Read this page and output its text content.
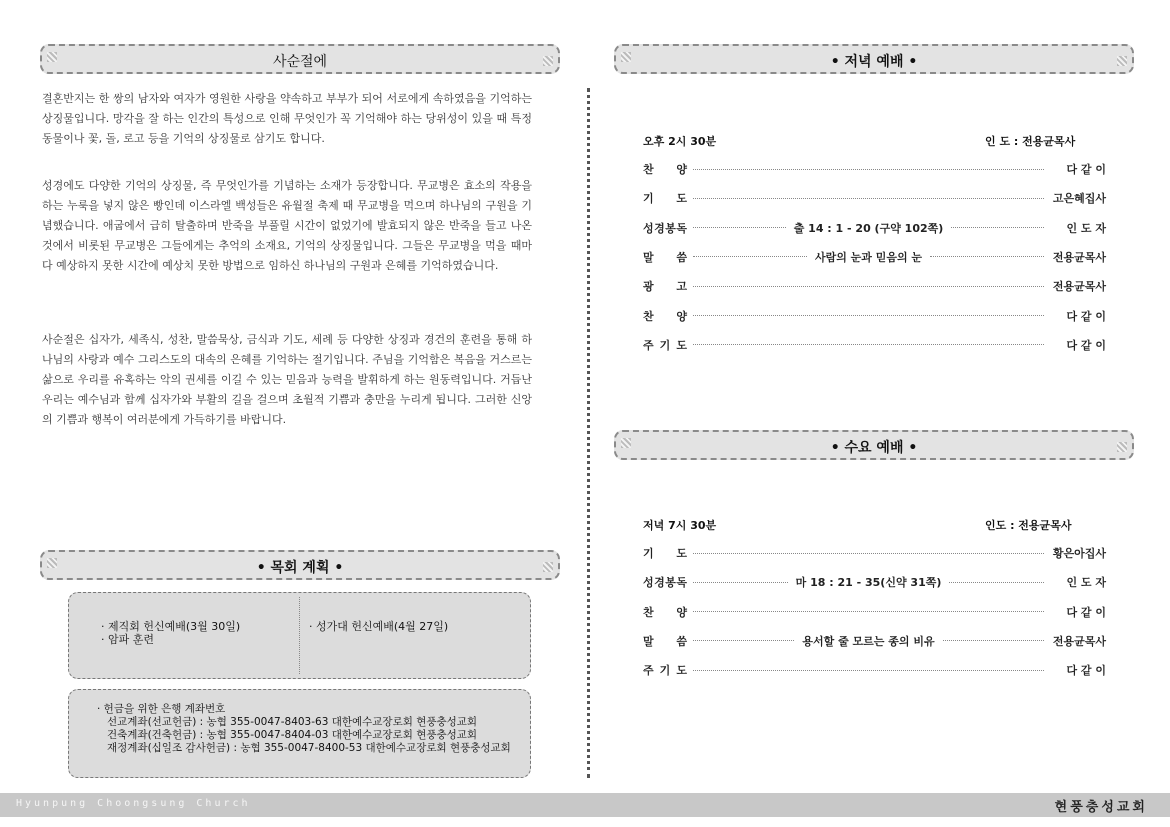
사순절에

결혼반지는 한 쌍의 남자와 여자가 영원한 사랑을 약속하고 부부가 되어 서로에게 속하였음을 기억하는 상징물입니다. 망각을 잘 하는 인간의 특성으로 인해 무엇인가 꼭 기억해야 하는 당위성이 있을 때 특정 동물이나 꽃, 돌, 로고 등을 기억의 상징물로 삼기도 합니다.

성경에도 다양한 기억의 상징물, 즉 무엇인가를 기념하는 소재가 등장합니다. 무교병은 효소의 작용을 하는 누룩을 넣지 않은 빵인데 이스라엘 백성들은 유월절 축제 때 무교병을 먹으며 하나님의 구원을 기념했습니다. 애굽에서 급히 탈출하며 반죽을 부풀릴 시간이 없었기에 발효되지 않은 반죽을 들고 나온 것에서 비롯된 무교병은 그들에게는 추억의 소재요, 기억의 상징물입니다. 그들은 무교병을 먹을 때마다 예상하지 못한 시간에 예상치 못한 방법으로 임하신 하나님의 구원과 은혜를 기억하였습니다.

사순절은 십자가, 세족식, 성찬, 말씀묵상, 금식과 기도, 세례 등 다양한 상징과 경건의 훈련을 통해 하나님의 사랑과 예수 그리스도의 대속의 은혜를 기억하는 절기입니다. 주님을 기억함은 복음을 거스르는 삶으로 우리를 유혹하는 악의 권세를 이길 수 있는 믿음과 능력을 발휘하게 하는 원동력입니다. 거듭난 우리는 예수님과 함께 십자가와 부활의 길을 걸으며 초월적 기쁨과 충만을 누리게 됩니다. 그러한 신앙의 기쁨과 행복이 여러분에게 가득하기를 바랍니다.

• 목회 계획 •
· 제직회 헌신예배(3월 30일)
· 암파 훈련
· 성가대 헌신예배(4월 27일)
· 헌금을 위한 은행 계좌번호
선교계좌(선교헌금) : 농협 355-0047-8403-63 대한예수교장로회 현풍충성교회
건축계좌(건축헌금) : 농협 355-0047-8404-03 대한예수교장로회 현풍충성교회
재정계좌(십일조 감사헌금) : 농협 355-0047-8400-53 대한예수교장로회 현풍충성교회
• 저녁 예배 •
오후 2시 30분	인 도 : 전용균목사
찬 양	다 같 이
기 도	고은혜집사
성 경 봉 독	출 14 : 1 - 20 (구약 102쪽)	인 도 자
말 씀	사람의 눈과 믿음의 눈	전용균목사
광 고	전용균목사
찬 양	다 같 이
주 기 도	다 같 이
• 수요 예배 •
저녁 7시 30분	인도 : 전용균목사
기 도	황은아집사
성 경 봉 독	마 18 : 21 - 35(신약 31쪽)	인 도 자
찬 양	다 같 이
말 씀	용서할 줄 모르는 종의 비유	전용균목사
주 기 도	다 같 이
Hyunpung Choongsung Church	현풍충성교회
